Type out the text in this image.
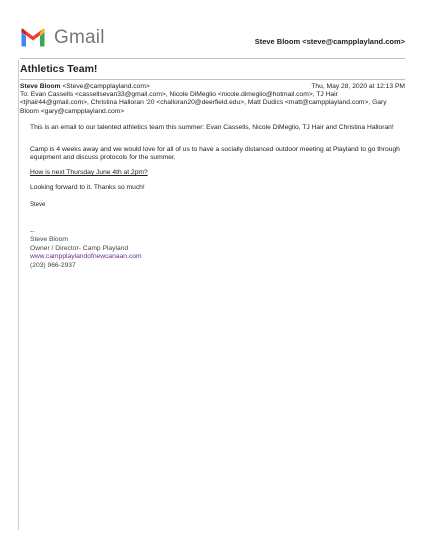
Gmail	Steve Bloom <steve@campplayland.com>
Athletics Team!
Steve Bloom <Steve@campplayland.com>	Thu, May 28, 2020 at 12:13 PM
To: Evan Cassells <cassellsevan33@gmail.com>, Nicole DiMeglio <nicole.dimeglio@hotmail.com>, TJ Hair <tjhair44@gmail.com>, Christina Halloran '20 <challoran20@deerfield.edu>, Matt Dudics <matt@campplayland.com>, Gary Bloom <gary@campplayland.com>

This is an email to our talented athletics team this summer: Evan Cassells, Nicole DiMeglio, TJ Hair and Christina Halloran!

Camp is 4 weeks away and we would love for all of us to have a socially distanced outdoor meeting at Playland to go through equipment and discuss protocols for the summer.

How is next Thursday June 4th at 2pm?

Looking forward to it. Thanks so much!

Steve

--
Steve Bloom
Owner / Director- Camp Playland
www.campplaylandofnewcanaan.com
(203) 966-2937
